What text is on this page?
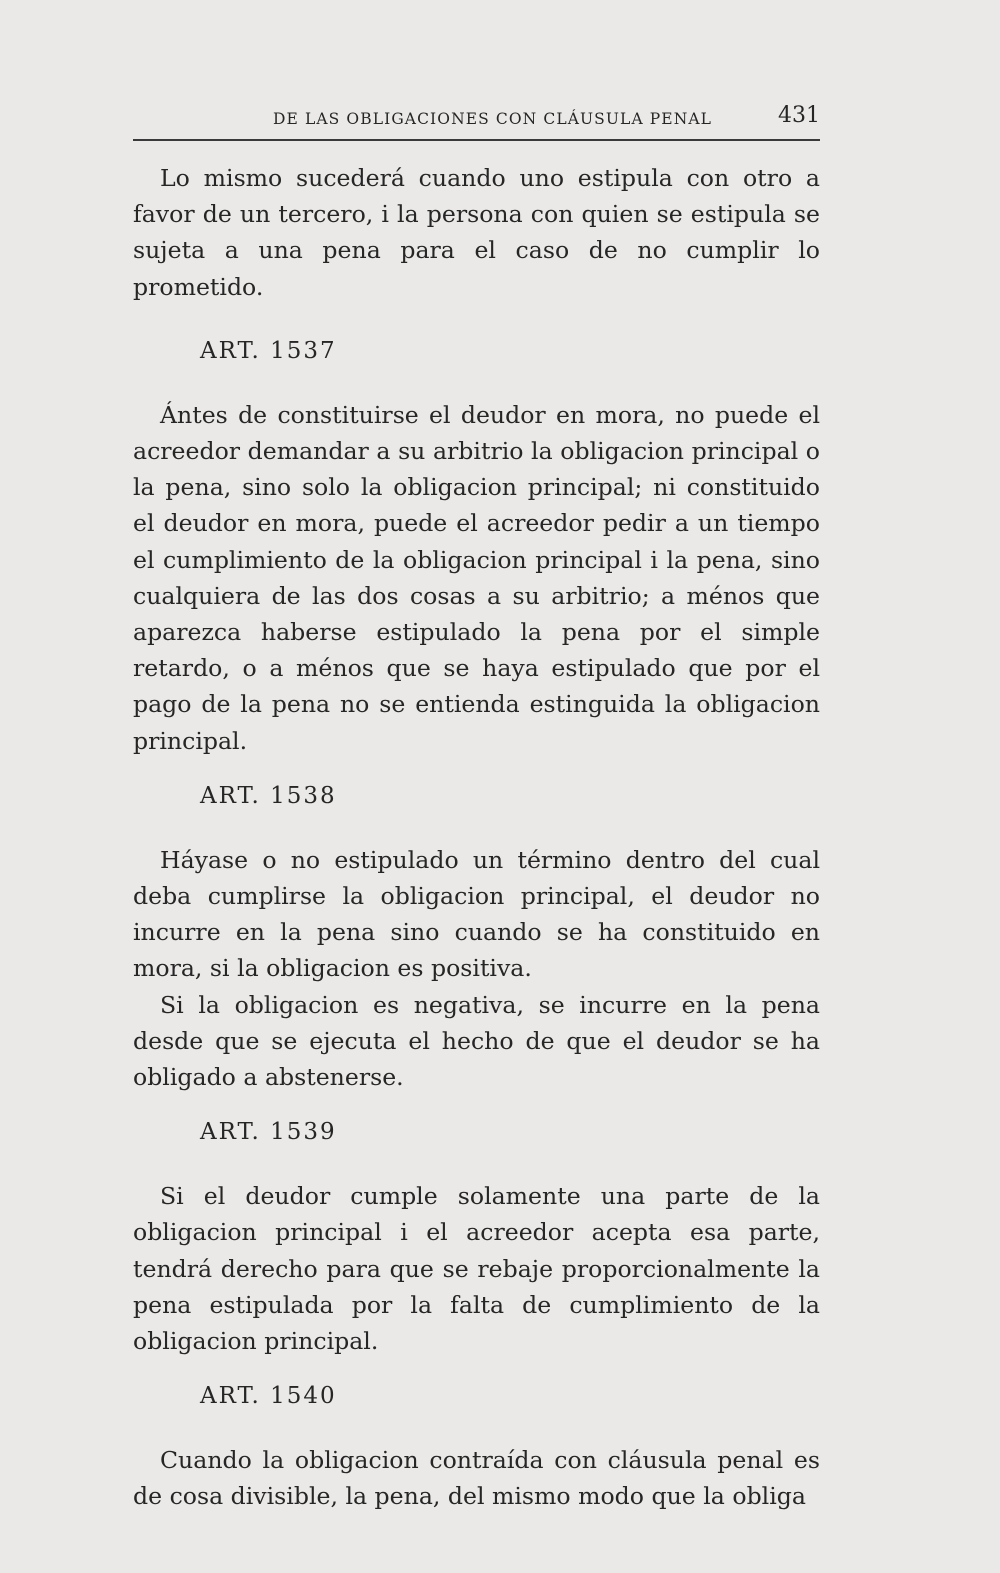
DE LAS OBLIGACIONES CON CLÁUSULA PENAL	431

Lo mismo sucederá cuando uno estipula con otro a favor de un tercero, i la persona con quien se estipula se sujeta a una pena para el caso de no cumplir lo prometido.

ART. 1537

Ántes de constituirse el deudor en mora, no puede el acreedor demandar a su arbitrio la obligacion principal o la pena, sino solo la obligacion principal; ni constituido el deudor en mora, puede el acreedor pedir a un tiempo el cumplimiento de la obligacion principal i la pena, sino cualquiera de las dos cosas a su arbitrio; a ménos que aparezca haberse estipulado la pena por el simple retardo, o a ménos que se haya estipulado que por el pago de la pena no se entienda estinguida la obligacion principal.

ART. 1538

Háyase o no estipulado un término dentro del cual deba cumplirse la obligacion principal, el deudor no incurre en la pena sino cuando se ha constituido en mora, si la obligacion es positiva.

Si la obligacion es negativa, se incurre en la pena desde que se ejecuta el hecho de que el deudor se ha obligado a abstenerse.

ART. 1539

Si el deudor cumple solamente una parte de la obligacion principal i el acreedor acepta esa parte, tendrá derecho para que se rebaje proporcionalmente la pena estipulada por la falta de cumplimiento de la obligacion principal.

ART. 1540

Cuando la obligacion contraída con cláusula penal es de cosa divisible, la pena, del mismo modo que la obliga
